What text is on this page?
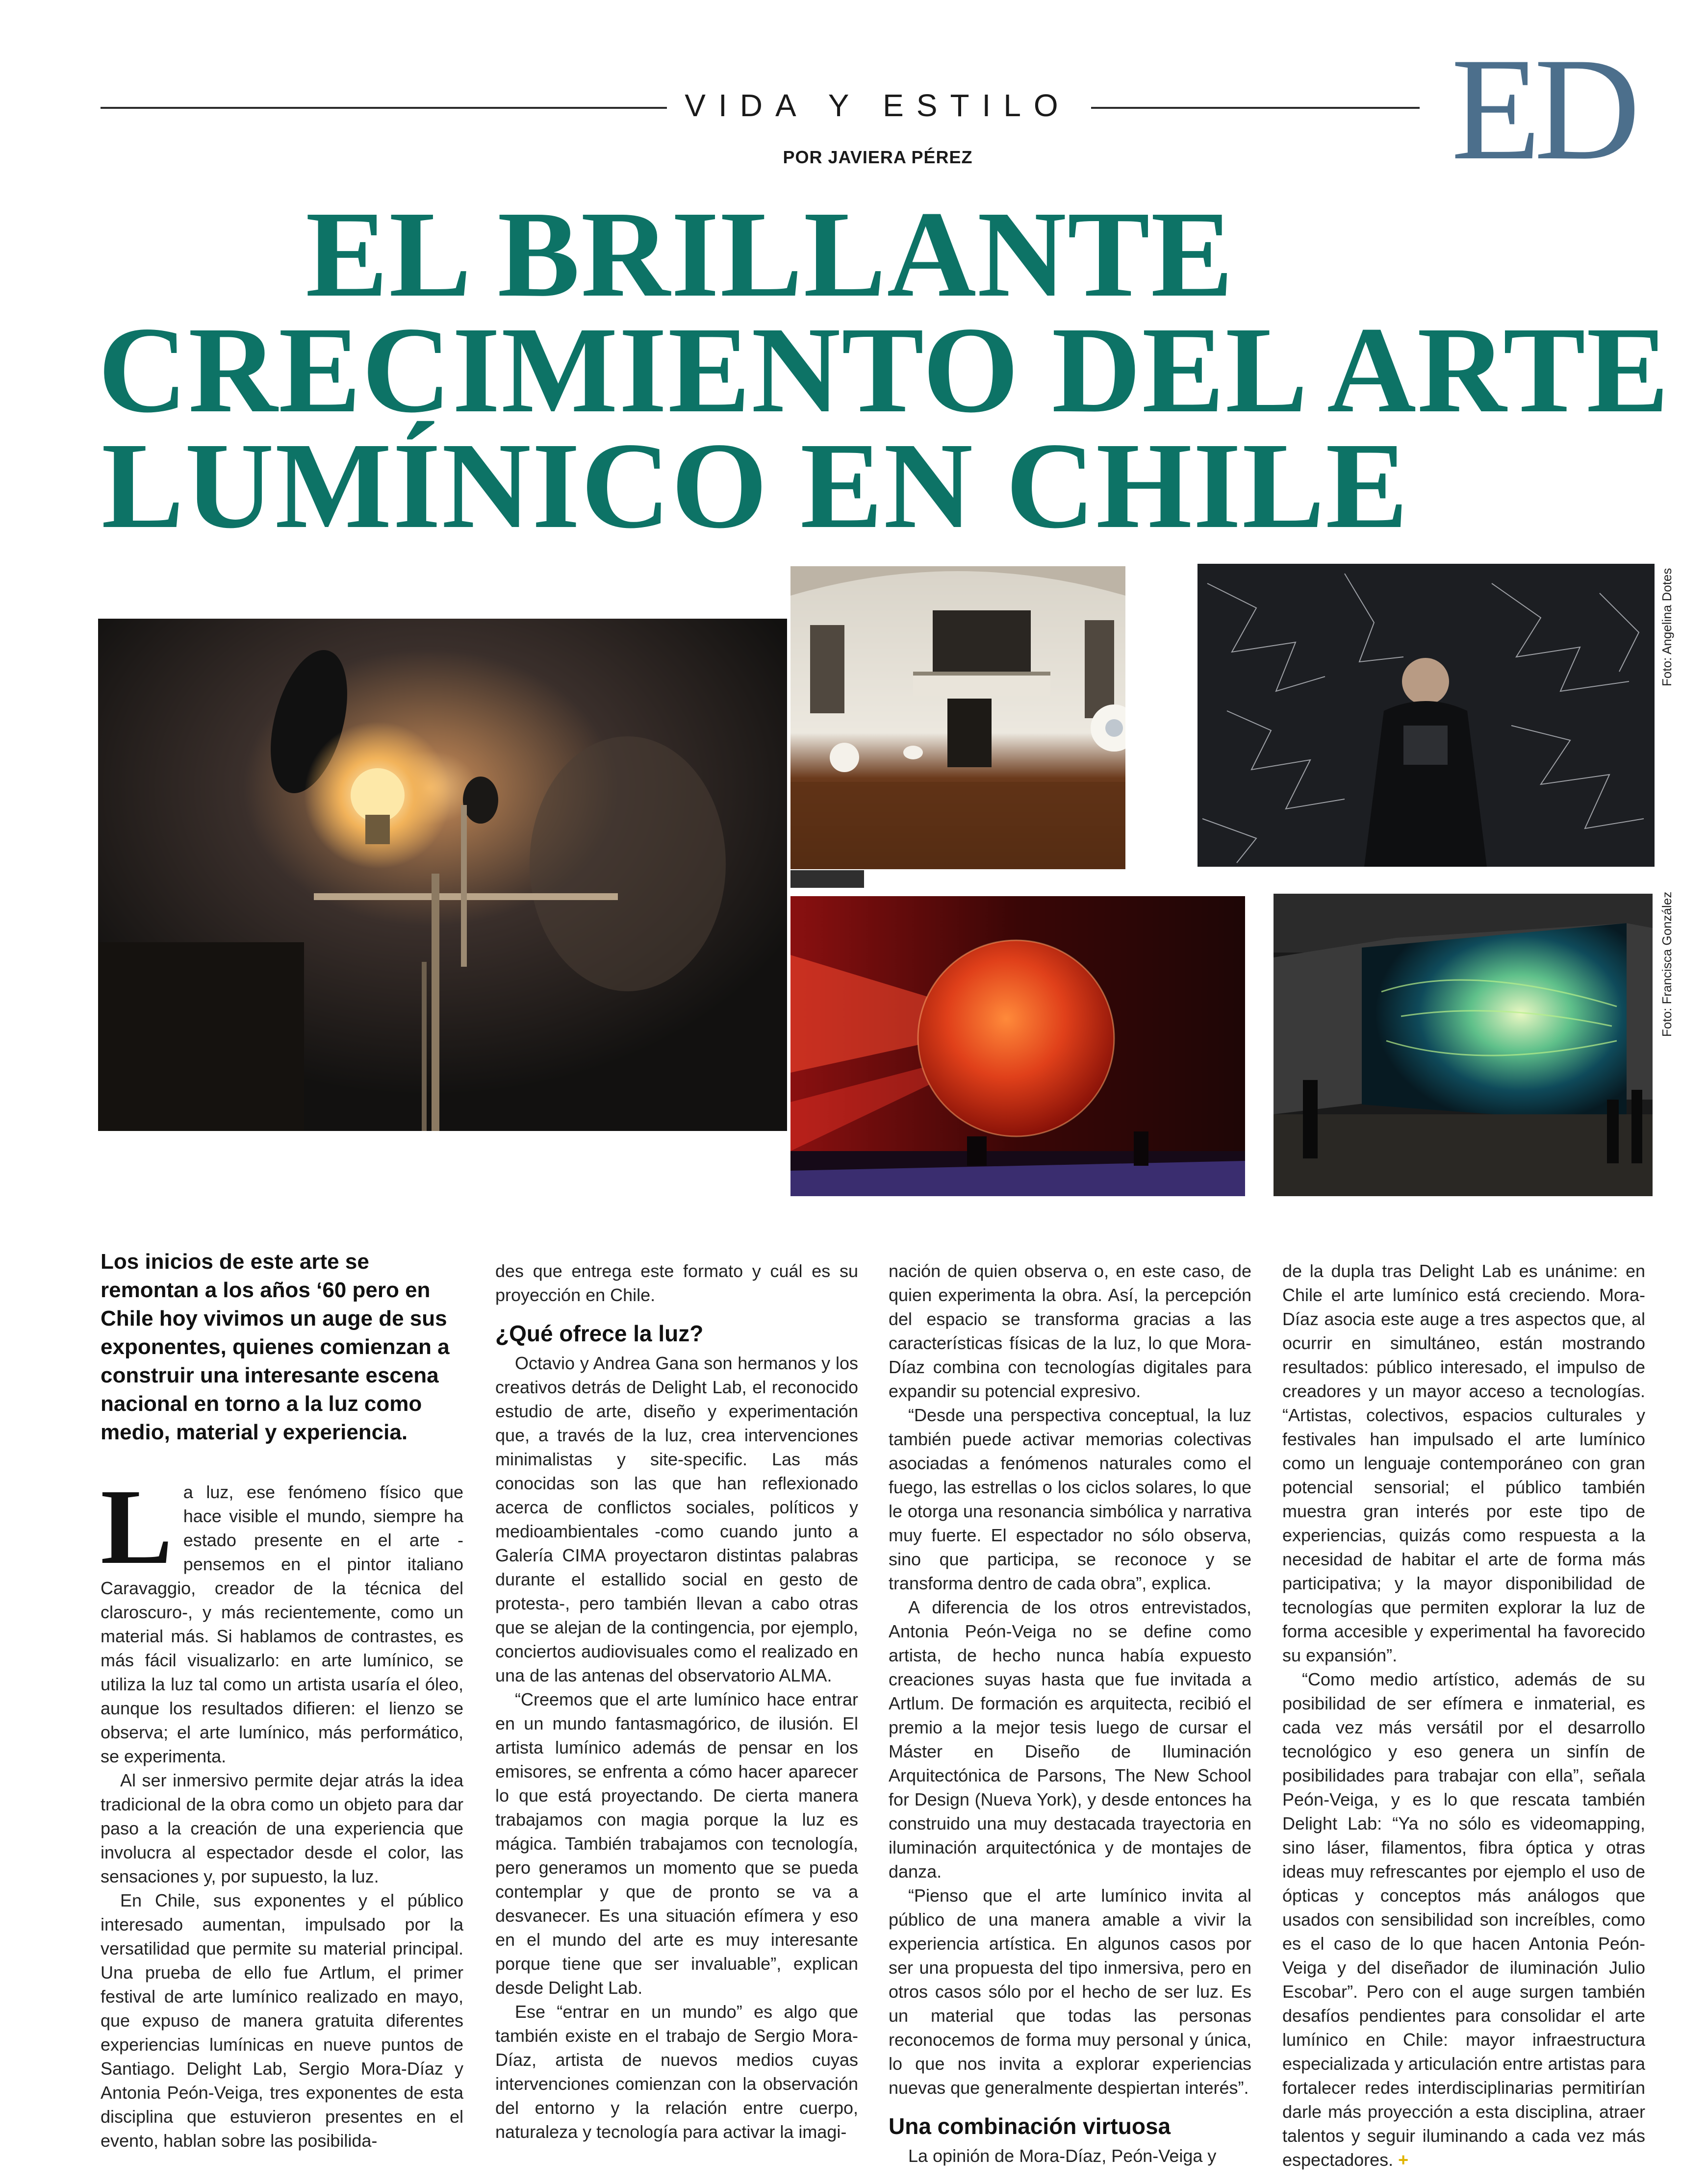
VIDA Y ESTILO
POR JAVIERA PÉREZ	ED
EL BRILLANTE
CRECIMIENTO DEL ARTE
LUMÍNICO EN CHILE
Foto: Angelina Dotes
Foto: Francisca González

Los inicios de este arte se remontan a los años ‘60 pero en Chile hoy vivimos un auge de sus exponentes, quienes comienzan a construir una interesante escena nacional en torno a la luz como medio, material y experiencia.

L a luz, ese fenómeno físico que hace visible el mundo, siempre ha estado presente en el arte -pensemos en el pintor italiano Caravaggio, creador de la técnica del claroscuro-, y más recientemente, como un material más. Si hablamos de contrastes, es más fácil visualizarlo: en arte lumínico, se utiliza la luz tal como un artista usaría el óleo, aunque los resultados difieren: el lienzo se observa; el arte lumínico, más performático, se experimenta.

Al ser inmersivo permite dejar atrás la idea tradicional de la obra como un objeto para dar paso a la creación de una experiencia que involucra al espectador desde el color, las sensaciones y, por supuesto, la luz.

En Chile, sus exponentes y el público interesado aumentan, impulsado por la versatilidad que permite su material principal. Una prueba de ello fue Artlum, el primer festival de arte lumínico realizado en mayo, que expuso de manera gratuita diferentes experiencias lumínicas en nueve puntos de Santiago. Delight Lab, Sergio Mora-Díaz y Antonia Peón-Veiga, tres exponentes de esta disciplina que estuvieron presentes en el evento, hablan sobre las posibilida-

des que entrega este formato y cuál es su proyección en Chile.

¿Qué ofrece la luz?

Octavio y Andrea Gana son hermanos y los creativos detrás de Delight Lab, el reconocido estudio de arte, diseño y experimentación que, a través de la luz, crea intervenciones minimalistas y site-specific. Las más conocidas son las que han reflexionado acerca de conflictos sociales, políticos y medioambientales -como cuando junto a Galería CIMA proyectaron distintas palabras durante el estallido social en gesto de protesta-, pero también llevan a cabo otras que se alejan de la contingencia, por ejemplo, conciertos audiovisuales como el realizado en una de las antenas del observatorio ALMA.

“Creemos que el arte lumínico hace entrar en un mundo fantasmagórico, de ilusión. El artista lumínico además de pensar en los emisores, se enfrenta a cómo hacer aparecer lo que está proyectando. De cierta manera trabajamos con magia porque la luz es mágica. También trabajamos con tecnología, pero generamos un momento que se pueda contemplar y que de pronto se va a desvanecer. Es una situación efímera y eso en el mundo del arte es muy interesante porque tiene que ser invaluable”, explican desde Delight Lab.

Ese “entrar en un mundo” es algo que también existe en el trabajo de Sergio Mora-Díaz, artista de nuevos medios cuyas intervenciones comienzan con la observación del entorno y la relación entre cuerpo, naturaleza y tecnología para activar la imagi-

nación de quien observa o, en este caso, de quien experimenta la obra. Así, la percepción del espacio se transforma gracias a las características físicas de la luz, lo que Mora-Díaz combina con tecnologías digitales para expandir su potencial expresivo.

“Desde una perspectiva conceptual, la luz también puede activar memorias colectivas asociadas a fenómenos naturales como el fuego, las estrellas o los ciclos solares, lo que le otorga una resonancia simbólica y narrativa muy fuerte. El espectador no sólo observa, sino que participa, se reconoce y se transforma dentro de cada obra”, explica.

A diferencia de los otros entrevistados, Antonia Peón-Veiga no se define como artista, de hecho nunca había expuesto creaciones suyas hasta que fue invitada a Artlum. De formación es arquitecta, recibió el premio a la mejor tesis luego de cursar el Máster en Diseño de Iluminación Arquitectónica de Parsons, The New School for Design (Nueva York), y desde entonces ha construido una muy destacada trayectoria en iluminación arquitectónica y de montajes de danza.

“Pienso que el arte lumínico invita al público de una manera amable a vivir la experiencia artística. En algunos casos por ser una propuesta del tipo inmersiva, pero en otros casos sólo por el hecho de ser luz. Es un material que todas las personas reconocemos de forma muy personal y única, lo que nos invita a explorar experiencias nuevas que generalmente despiertan interés”.

Una combinación virtuosa

La opinión de Mora-Díaz, Peón-Veiga y

de la dupla tras Delight Lab es unánime: en Chile el arte lumínico está creciendo. Mora-Díaz asocia este auge a tres aspectos que, al ocurrir en simultáneo, están mostrando resultados: público interesado, el impulso de creadores y un mayor acceso a tecnologías. “Artistas, colectivos, espacios culturales y festivales han impulsado el arte lumínico como un lenguaje contemporáneo con gran potencial sensorial; el público también muestra gran interés por este tipo de experiencias, quizás como respuesta a la necesidad de habitar el arte de forma más participativa; y la mayor disponibilidad de tecnologías que permiten explorar la luz de forma accesible y experimental ha favorecido su expansión”.

“Como medio artístico, además de su posibilidad de ser efímera e inmaterial, es cada vez más versátil por el desarrollo tecnológico y eso genera un sinfín de posibilidades para trabajar con ella”, señala Peón-Veiga, y es lo que rescata también Delight Lab: “Ya no sólo es videomapping, sino láser, filamentos, fibra óptica y otras ideas muy refrescantes por ejemplo el uso de ópticas y conceptos más análogos que usados con sensibilidad son increíbles, como es el caso de lo que hacen Antonia Peón-Veiga y del diseñador de iluminación Julio Escobar”. Pero con el auge surgen también desafíos pendientes para consolidar el arte lumínico en Chile: mayor infraestructura especializada y articulación entre artistas para fortalecer redes interdisciplinarias permitirían darle más proyección a esta disciplina, atraer talentos y seguir iluminando a cada vez más espectadores. +
